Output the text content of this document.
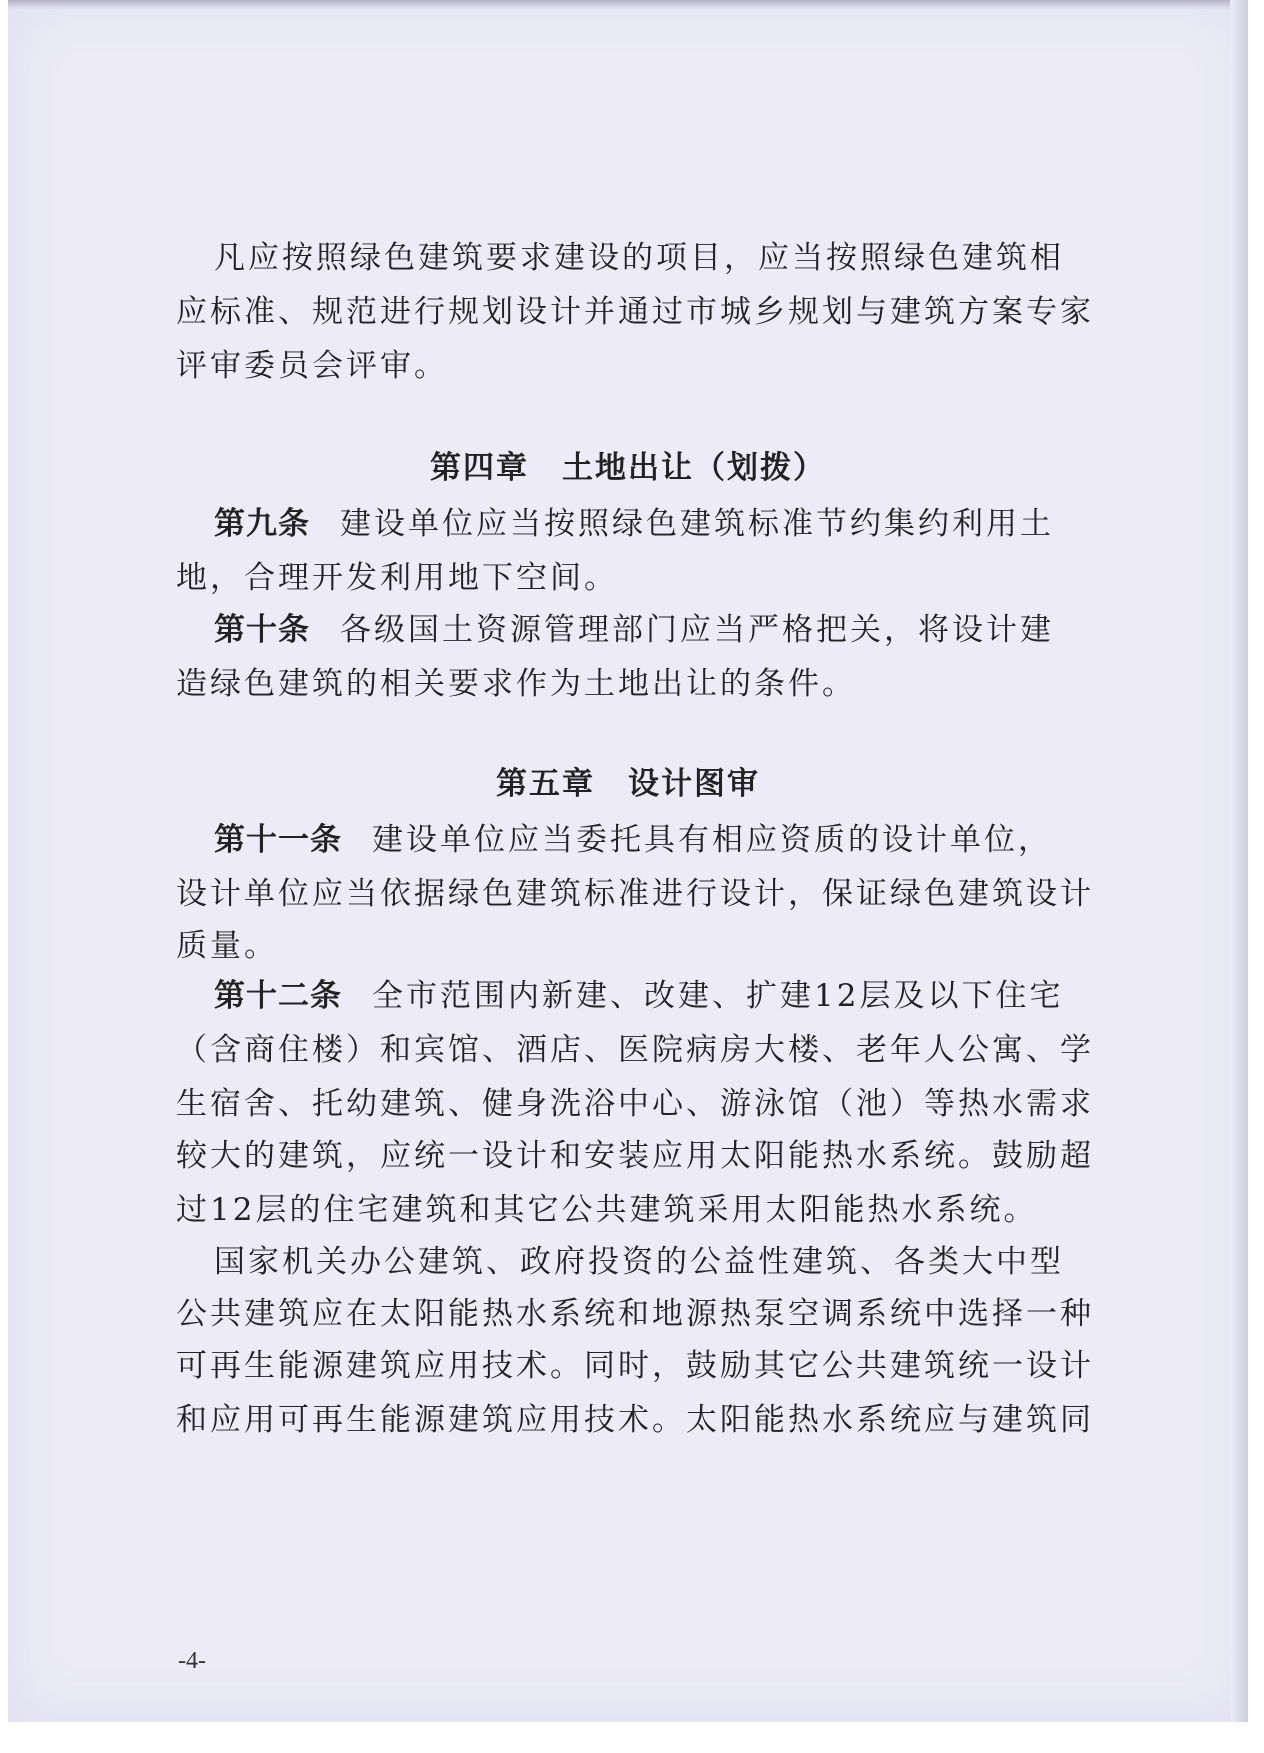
凡应按照绿色建筑要求建设的项目，应当按照绿色建筑相
应标准、规范进行规划设计并通过市城乡规划与建筑方案专家
评审委员会评审。
第四章　土地出让（划拨）
第九条 建设单位应当按照绿色建筑标准节约集约利用土
地，合理开发利用地下空间。
第十条 各级国土资源管理部门应当严格把关，将设计建
造绿色建筑的相关要求作为土地出让的条件。
第五章　设计图审
第十一条 建设单位应当委托具有相应资质的设计单位，
设计单位应当依据绿色建筑标准进行设计，保证绿色建筑设计
质量。
第十二条 全市范围内新建、改建、扩建12层及以下住宅
（含商住楼）和宾馆、酒店、医院病房大楼、老年人公寓、学
生宿舍、托幼建筑、健身洗浴中心、游泳馆（池）等热水需求
较大的建筑，应统一设计和安装应用太阳能热水系统。鼓励超
过12层的住宅建筑和其它公共建筑采用太阳能热水系统。
国家机关办公建筑、政府投资的公益性建筑、各类大中型
公共建筑应在太阳能热水系统和地源热泵空调系统中选择一种
可再生能源建筑应用技术。同时，鼓励其它公共建筑统一设计
和应用可再生能源建筑应用技术。太阳能热水系统应与建筑同
-4-
